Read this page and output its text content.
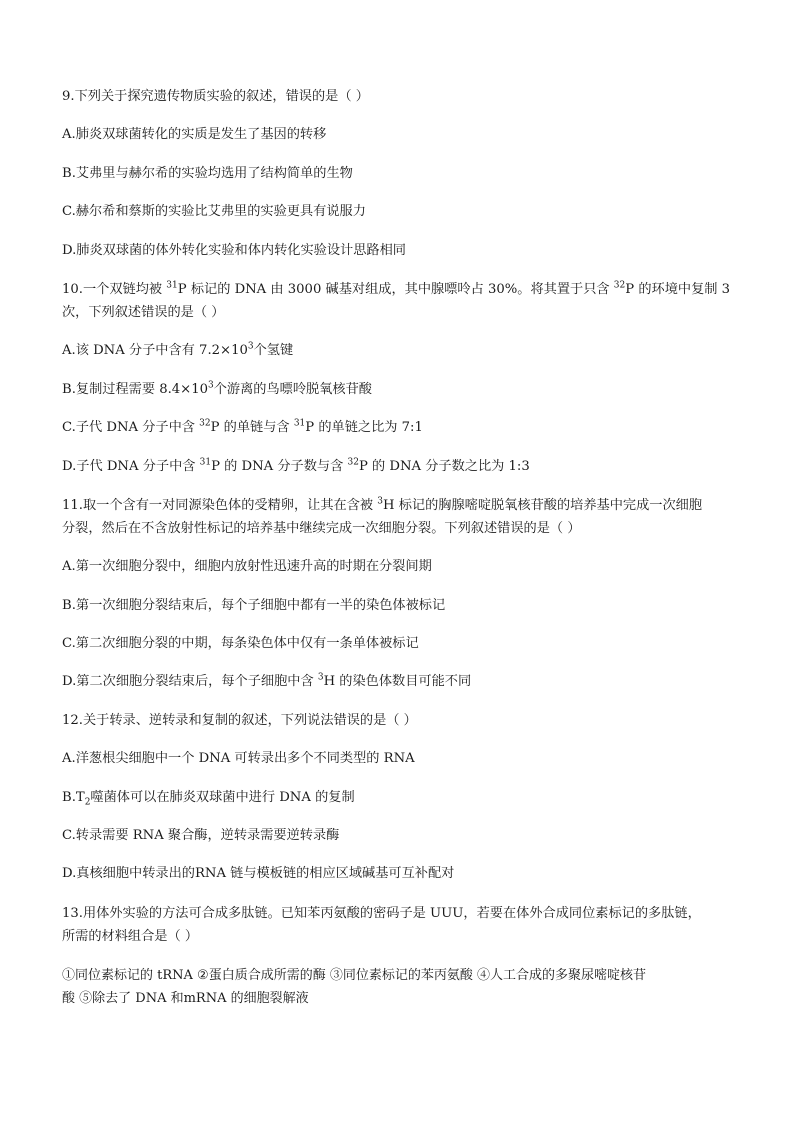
9.下列关于探究遗传物质实验的叙述，错误的是（ ）
A.肺炎双球菌转化的实质是发生了基因的转移
B.艾弗里与赫尔希的实验均选用了结构简单的生物
C.赫尔希和蔡斯的实验比艾弗里的实验更具有说服力
D.肺炎双球菌的体外转化实验和体内转化实验设计思路相同
10.一个双链均被 $^{31}$P 标记的 DNA 由 3000 碱基对组成，其中腺嘌呤占 30%。将其置于只含 $^{32}$P 的环境中复制 3
次，下列叙述错误的是（ ）
A.该 DNA 分子中含有 $7.2\times 10^3$个氢键
B.复制过程需要 $8.4\times 10^3$个游离的鸟嘌呤脱氧核苷酸
C.子代 DNA 分子中含 $^{32}$P 的单链与含 $^{31}$P 的单链之比为 7:1
D.子代 DNA 分子中含 $^{31}$P 的 DNA 分子数与含 $^{32}$P 的 DNA 分子数之比为 1:3
11.取一个含有一对同源染色体的受精卵，让其在含被 $^3$H 标记的胸腺嘧啶脱氧核苷酸的培养基中完成一次细胞
分裂，然后在不含放射性标记的培养基中继续完成一次细胞分裂。下列叙述错误的是（ ）
A.第一次细胞分裂中，细胞内放射性迅速升高的时期在分裂间期
B.第一次细胞分裂结束后，每个子细胞中都有一半的染色体被标记
C.第二次细胞分裂的中期，每条染色体中仅有一条单体被标记
D.第二次细胞分裂结束后，每个子细胞中含 $^3$H 的染色体数目可能不同
12.关于转录、逆转录和复制的叙述，下列说法错误的是（ ）
A.洋葱根尖细胞中一个 DNA 可转录出多个不同类型的 RNA
$B.T_2$噬菌体可以在肺炎双球菌中进行 DNA 的复制
C.转录需要 RNA 聚合酶，逆转录需要逆转录酶
D.真核细胞中转录出的RNA 链与模板链的相应区域碱基可互补配对
13.用体外实验的方法可合成多肽链。已知苯丙氨酸的密码子是 UUU，若要在体外合成同位素标记的多肽链，
所需的材料组合是（ ）
①同位素标记的 tRNA ②蛋白质合成所需的酶 ③同位素标记的苯丙氨酸 ④人工合成的多聚尿嘧啶核苷
酸 ⑤除去了 DNA 和mRNA 的细胞裂解液
